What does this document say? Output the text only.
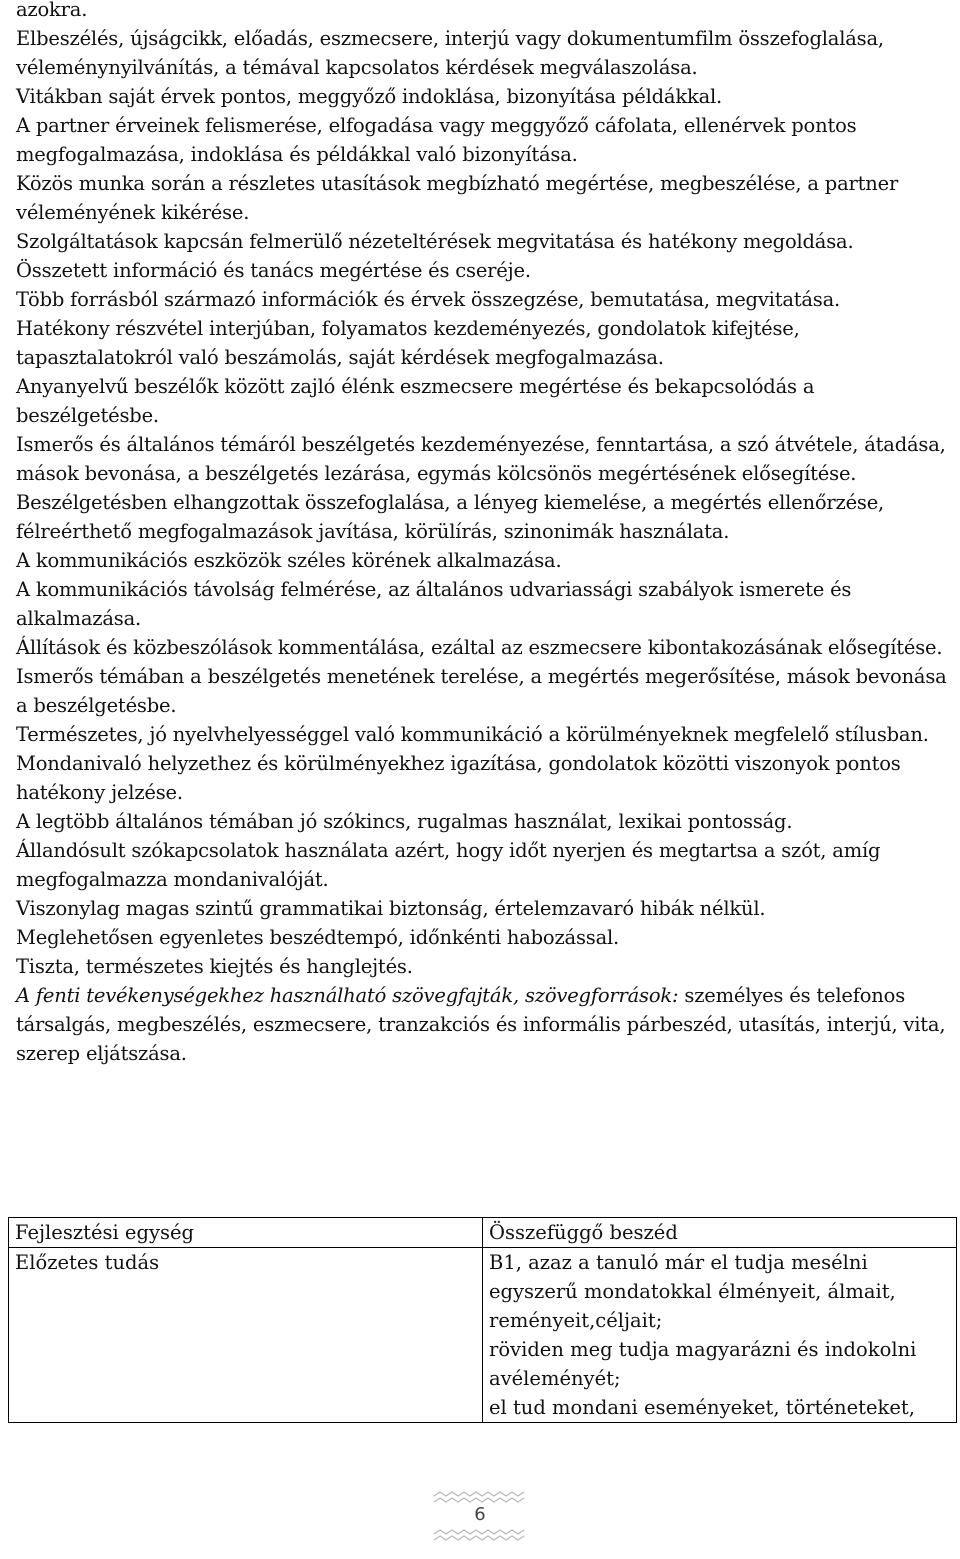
azokra.

Elbeszélés, újságcikk, előadás, eszmecsere, interjú vagy dokumentumfilm összefoglalása, véleménynyilvánítás, a témával kapcsolatos kérdések megválaszolása.

Vitákban saját érvek pontos, meggyőző indoklása, bizonyítása példákkal.

A partner érveinek felismerése, elfogadása vagy meggyőző cáfolata, ellenérvek pontos megfogalmazása, indoklása és példákkal való bizonyítása.

Közös munka során a részletes utasítások megbízható megértése, megbeszélése, a partner véleményének kikérése.

Szolgáltatások kapcsán felmerülő nézeteltérések megvitatása és hatékony megoldása.

Összetett információ és tanács megértése és cseréje.

Több forrásból származó információk és érvek összegzése, bemutatása, megvitatása.

Hatékony részvétel interjúban, folyamatos kezdeményezés, gondolatok kifejtése, tapasztalatokról való beszámolás, saját kérdések megfogalmazása.

Anyanyelvű beszélők között zajló élénk eszmecsere megértése és bekapcsolódás a beszélgetésbe.

Ismerős és általános témáról beszélgetés kezdeményezése, fenntartása, a szó átvétele, átadása, mások bevonása, a beszélgetés lezárása, egymás kölcsönös megértésének elősegítése.

Beszélgetésben elhangzottak összefoglalása, a lényeg kiemelése, a megértés ellenőrzése, félreérthető megfogalmazások javítása, körülírás, szinonimák használata.

A kommunikációs eszközök széles körének alkalmazása.

A kommunikációs távolság felmérése, az általános udvariassági szabályok ismerete és alkalmazása.

Állítások és közbeszólások kommentálása, ezáltal az eszmecsere kibontakozásának elősegítése.

Ismerős témában a beszélgetés menetének terelése, a megértés megerősítése, mások bevonása a beszélgetésbe.

Természetes, jó nyelvhelyességgel való kommunikáció a körülményeknek megfelelő stílusban.

Mondanivaló helyzethez és körülményekhez igazítása, gondolatok közötti viszonyok pontos hatékony jelzése.

A legtöbb általános témában jó szókincs, rugalmas használat, lexikai pontosság.

Állandósult szókapcsolatok használata azért, hogy időt nyerjen és megtartsa a szót, amíg megfogalmazza mondanivalóját.

Viszonylag magas szintű grammatikai biztonság, értelemzavaró hibák nélkül.

Meglehetősen egyenletes beszédtempó, időnkénti habozással.

Tiszta, természetes kiejtés és hanglejtés.

A fenti tevékenységekhez használható szövegfajták, szövegforrások: személyes és telefonos társalgás, megbeszélés, eszmecsere, tranzakciós és informális párbeszéd, utasítás, interjú, vita, szerep eljátszása.

Fejlesztési egység	Összefüggő beszéd
Előzetes tudás	B1, azaz a tanuló már el tudja mesélni egyszerű mondatokkal élményeit, álmait, reményeit,céljait;
röviden meg tudja magyarázni és indokolni avéleményét;
el tud mondani eseményeket, történeteket,
6
